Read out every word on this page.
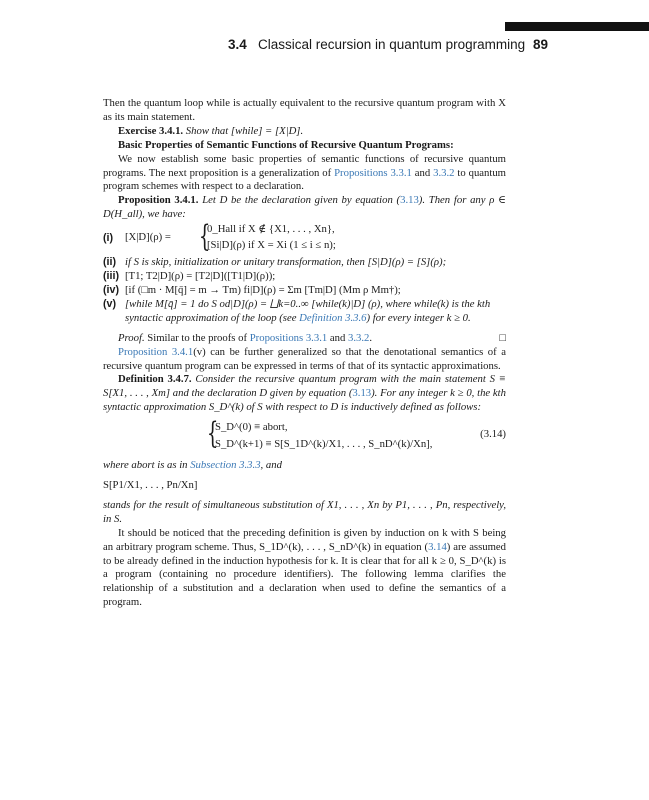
3.4 Classical recursion in quantum programming 89

Then the quantum loop while is actually equivalent to the recursive quantum program with X as its main statement.

Exercise 3.4.1. Show that [while] = [X|D].

Basic Properties of Semantic Functions of Recursive Quantum Programs:

We now establish some basic properties of semantic functions of recursive quantum programs. The next proposition is a generalization of Propositions 3.3.1 and 3.3.2 to quantum program schemes with respect to a declaration.

Proposition 3.4.1. Let D be the declaration given by equation (3.13). Then for any ρ ∈ D(H_all), we have:

(i) [X|D](ρ) = {
0_Hall if X ∉ {X1, . . . , Xn},
[Si|D](ρ) if X = Xi (1 ≤ i ≤ n);
(ii) if S is skip, initialization or unitary transformation, then [S|D](ρ) = [S](ρ);
(iii) [T1; T2|D](ρ) = [T2|D]([T1|D](ρ));
(iv) [if (□m · M[q̄] = m → Tm) fi|D](ρ) = Σm [Tm|D] (Mm ρ Mm†);
(v) [while M[q̄] = 1 do S od|D](ρ) = ⨆k=0..∞ [while(k)|D] (ρ), where while(k) is the kth syntactic approximation of the loop (see Definition 3.3.6) for every integer k ≥ 0.

Proof. Similar to the proofs of Propositions 3.3.1 and 3.3.2.	□

Proposition 3.4.1(v) can be further generalized so that the denotational semantics of a recursive quantum program can be expressed in terms of that of its syntactic approximations.

Definition 3.4.7. Consider the recursive quantum program with the main statement S ≡ S[X1, . . . , Xm] and the declaration D given by equation (3.13). For any integer k ≥ 0, the kth syntactic approximation S_D^(k) of S with respect to D is inductively defined as follows:

{
S_D^(0) ≡ abort,
S_D^(k+1) ≡ S[S_1D^(k)/X1, . . . , S_nD^(k)/Xn],
(3.14)

where abort is as in Subsection 3.3.3, and

S[P1/X1, . . . , Pn/Xn]

stands for the result of simultaneous substitution of X1, . . . , Xn by P1, . . . , Pn, respectively, in S.

It should be noticed that the preceding definition is given by induction on k with S being an arbitrary program scheme. Thus, S_1D^(k), . . . , S_nD^(k) in equation (3.14) are assumed to be already defined in the induction hypothesis for k. It is clear that for all k ≥ 0, S_D^(k) is a program (containing no procedure identifiers). The following lemma clarifies the relationship of a substitution and a declaration when used to define the semantics of a program.
